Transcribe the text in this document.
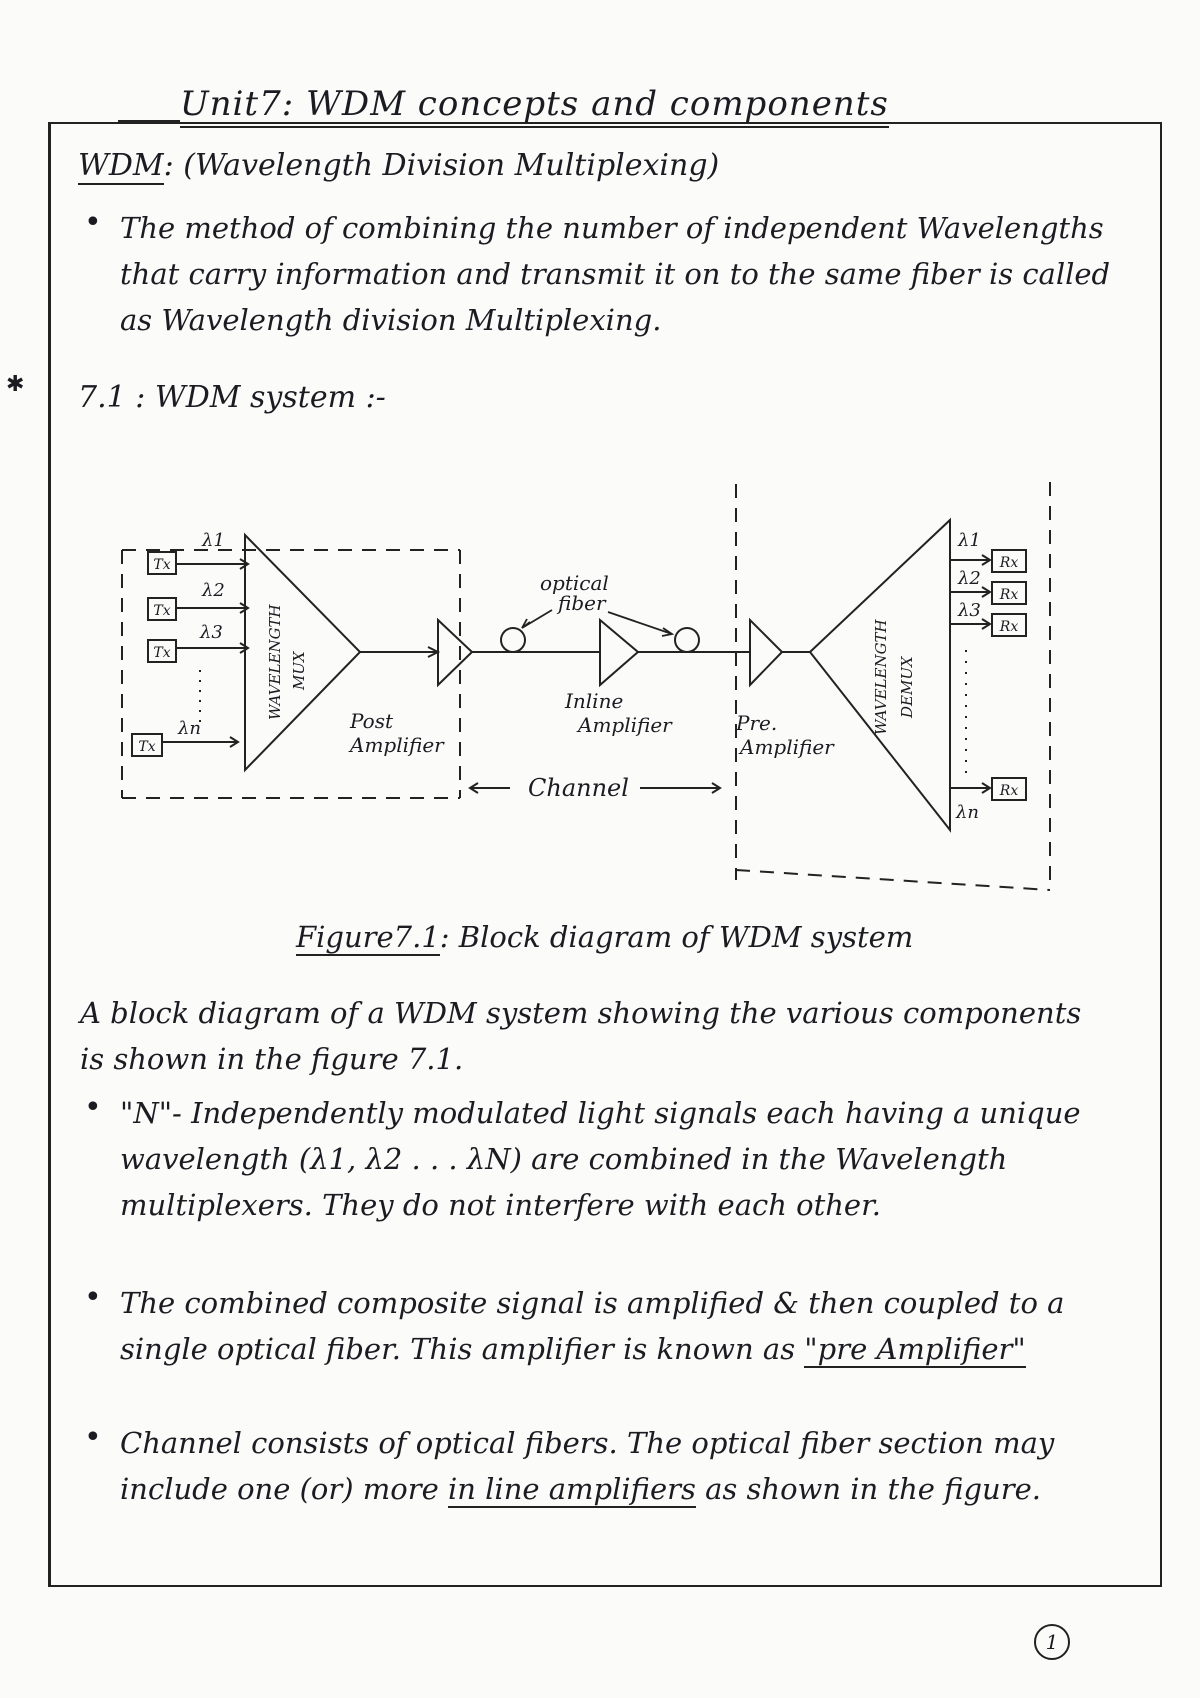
Unit7: WDM concepts and components
WDM: (Wavelength Division Multiplexing)
• The method of combining the number of independent Wavelengths that carry information and transmit it on to the same fiber is called as Wavelength division Multiplexing.
✱ 7.1 : WDM system :-
Tx
Tx
Tx
Tx
λ1
λ2
λ3
λn
WAVELENGTH MUX
Post
Amplifier
optical
fiber
Inline
Amplifier	Pre.
Amplifier
WAVELENGTH DEMUX
λ1
λ2
λ3
λn
Rx
Rx
Rx
Rx
Channel
Figure7.1: Block diagram of WDM system
A block diagram of a WDM system showing the various components is shown in the figure 7.1.
• "N"- Independently modulated light signals each having a unique wavelength (λ1, λ2 . . . λN) are combined in the Wavelength multiplexers. They do not interfere with each other.
• The combined composite signal is amplified & then coupled to a single optical fiber. This amplifier is known as "pre Amplifier"
• Channel consists of optical fibers. The optical fiber section may include one (or) more in line amplifiers as shown in the figure.
1
